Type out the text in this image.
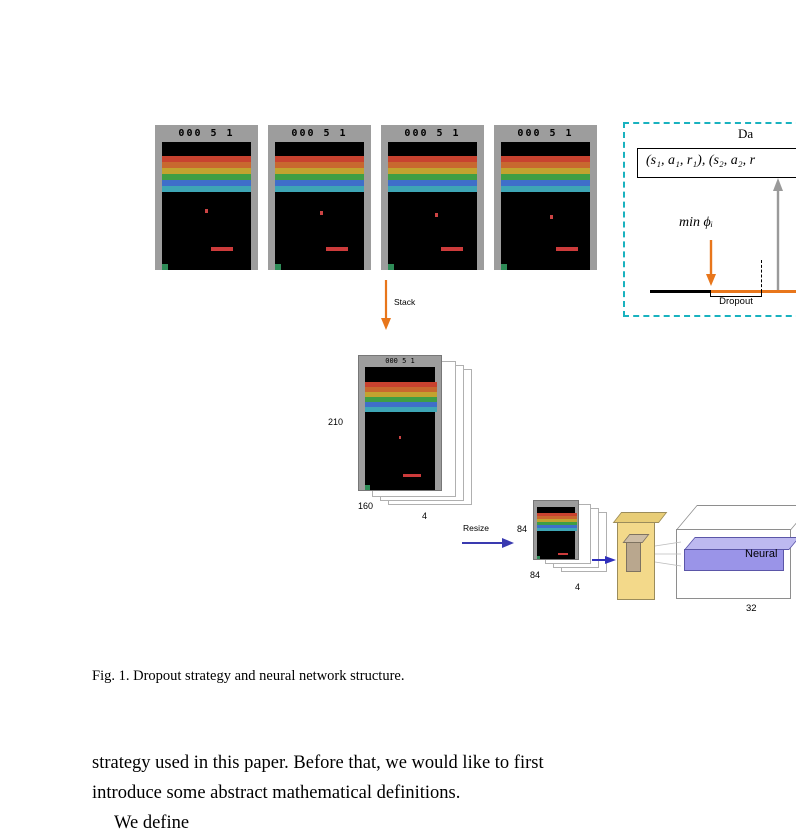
000 5 1	000 5 1	000 5 1	000 5 1
Stack
000 5 1
210
160
4
Resize	84
84
4
32
Neural
Da
(s₁, a₁, r₁), (s₂, a₂, r
min ϕᵢ
Dropout
Fig. 1. Dropout strategy and neural network structure.
strategy used in this paper. Before that, we would like to first
introduce some abstract mathematical definitions.
We define
